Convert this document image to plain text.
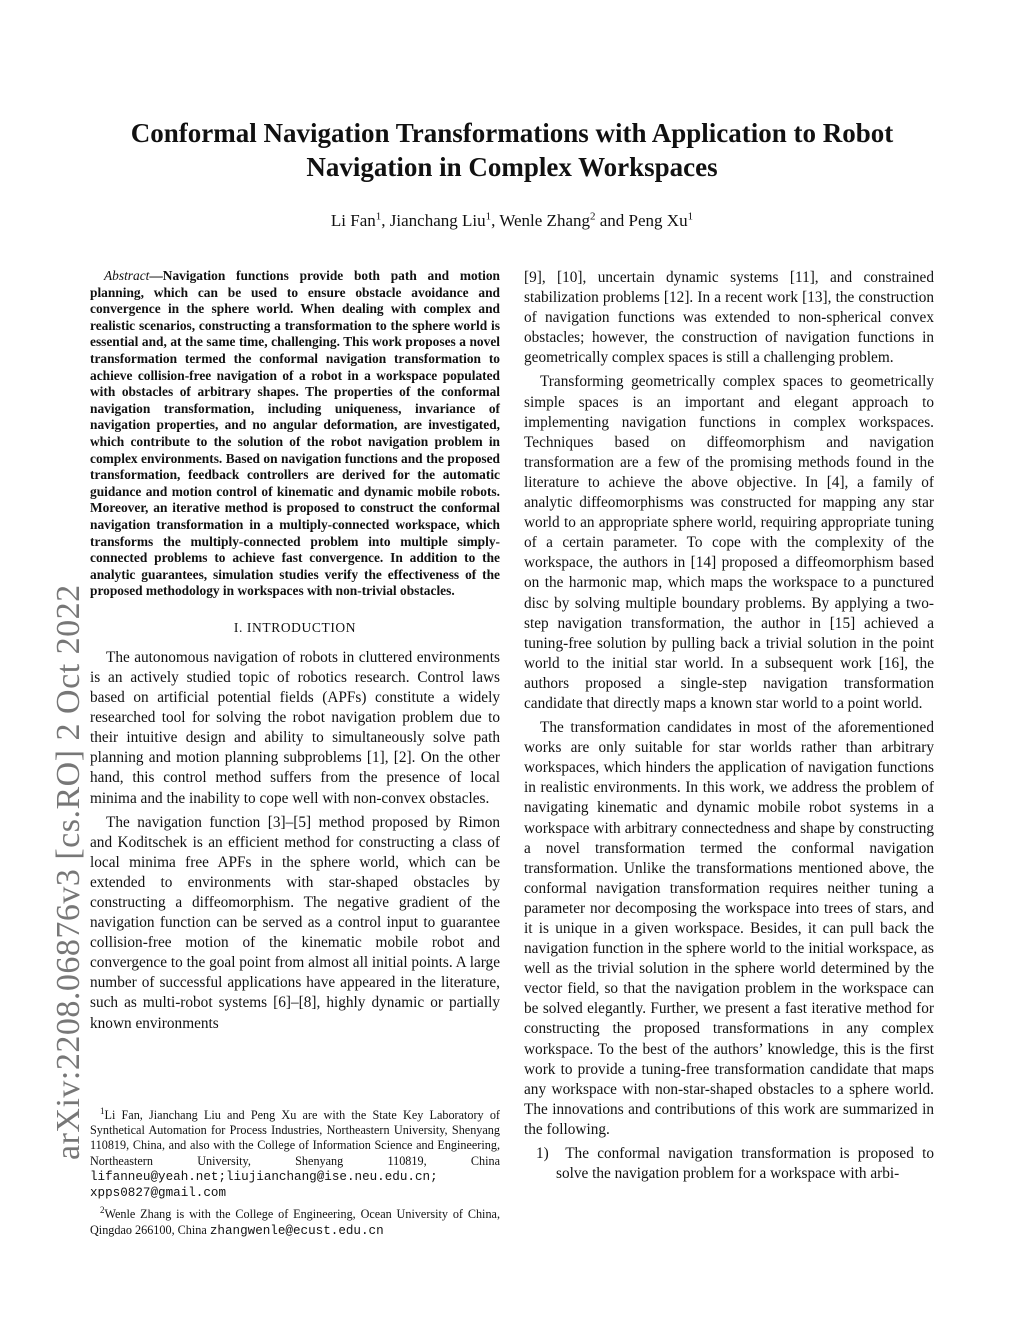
arXiv:2208.06876v3 [cs.RO] 2 Oct 2022
Conformal Navigation Transformations with Application to Robot
Navigation in Complex Workspaces
Li Fan$^1$, Jianchang Liu$^1$, Wenle Zhang$^2$ and Peng Xu$^1$

Abstract—Navigation functions provide both path and motion planning, which can be used to ensure obstacle avoidance and convergence in the sphere world. When dealing with complex and realistic scenarios, constructing a transformation to the sphere world is essential and, at the same time, challenging. This work proposes a novel transformation termed the conformal navigation transformation to achieve collision-free navigation of a robot in a workspace populated with obstacles of arbitrary shapes. The properties of the conformal navigation transformation, including uniqueness, invariance of navigation properties, and no angular deformation, are investigated, which contribute to the solution of the robot navigation problem in complex environments. Based on navigation functions and the proposed transformation, feedback controllers are derived for the automatic guidance and motion control of kinematic and dynamic mobile robots. Moreover, an iterative method is proposed to construct the conformal navigation transformation in a multiply-connected workspace, which transforms the multiply-connected problem into multiple simply-connected problems to achieve fast convergence. In addition to the analytic guarantees, simulation studies verify the effectiveness of the proposed methodology in workspaces with non-trivial obstacles.

I. INTRODUCTION

The autonomous navigation of robots in cluttered environments is an actively studied topic of robotics research. Control laws based on artificial potential fields (APFs) constitute a widely researched tool for solving the robot navigation problem due to their intuitive design and ability to simultaneously solve path planning and motion planning subproblems [1], [2]. On the other hand, this control method suffers from the presence of local minima and the inability to cope well with non-convex obstacles.

The navigation function [3]–[5] method proposed by Rimon and Koditschek is an efficient method for constructing a class of local minima free APFs in the sphere world, which can be extended to environments with star-shaped obstacles by constructing a diffeomorphism. The negative gradient of the navigation function can be served as a control input to guarantee collision-free motion of the kinematic mobile robot and convergence to the goal point from almost all initial points. A large number of successful applications have appeared in the literature, such as multi-robot systems [6]–[8], highly dynamic or partially known environments

$^1$Li Fan, Jianchang Liu and Peng Xu are with the State Key Laboratory of Synthetical Automation for Process Industries, Northeastern University, Shenyang 110819, China, and also with the College of Information Science and Engineering, Northeastern University, Shenyang 110819, China lifanneu@yeah.net;liujianchang@ise.neu.edu.cn; xpps0827@gmail.com

$^2$Wenle Zhang is with the College of Engineering, Ocean University of China, Qingdao 266100, China zhangwenle@ecust.edu.cn

[9], [10], uncertain dynamic systems [11], and constrained stabilization problems [12]. In a recent work [13], the construction of navigation functions was extended to non-spherical convex obstacles; however, the construction of navigation functions in geometrically complex spaces is still a challenging problem.

Transforming geometrically complex spaces to geometrically simple spaces is an important and elegant approach to implementing navigation functions in complex workspaces. Techniques based on diffeomorphism and navigation transformation are a few of the promising methods found in the literature to achieve the above objective. In [4], a family of analytic diffeomorphisms was constructed for mapping any star world to an appropriate sphere world, requiring appropriate tuning of a certain parameter. To cope with the complexity of the workspace, the authors in [14] proposed a diffeomorphism based on the harmonic map, which maps the workspace to a punctured disc by solving multiple boundary problems. By applying a two-step navigation transformation, the author in [15] achieved a tuning-free solution by pulling back a trivial solution in the point world to the initial star world. In a subsequent work [16], the authors proposed a single-step navigation transformation candidate that directly maps a known star world to a point world.

The transformation candidates in most of the aforementioned works are only suitable for star worlds rather than arbitrary workspaces, which hinders the application of navigation functions in realistic environments. In this work, we address the problem of navigating kinematic and dynamic mobile robot systems in a workspace with arbitrary connectedness and shape by constructing a novel transformation termed the conformal navigation transformation. Unlike the transformations mentioned above, the conformal navigation transformation requires neither tuning a parameter nor decomposing the workspace into trees of stars, and it is unique in a given workspace. Besides, it can pull back the navigation function in the sphere world to the initial workspace, as well as the trivial solution in the sphere world determined by the vector field, so that the navigation problem in the workspace can be solved elegantly. Further, we present a fast iterative method for constructing the proposed transformations in any complex workspace. To the best of the authors’ knowledge, this is the first work to provide a tuning-free transformation candidate that maps any workspace with non-star-shaped obstacles to a sphere world. The innovations and contributions of this work are summarized in the following.

1) The conformal navigation transformation is proposed to solve the navigation problem for a workspace with arbi-
